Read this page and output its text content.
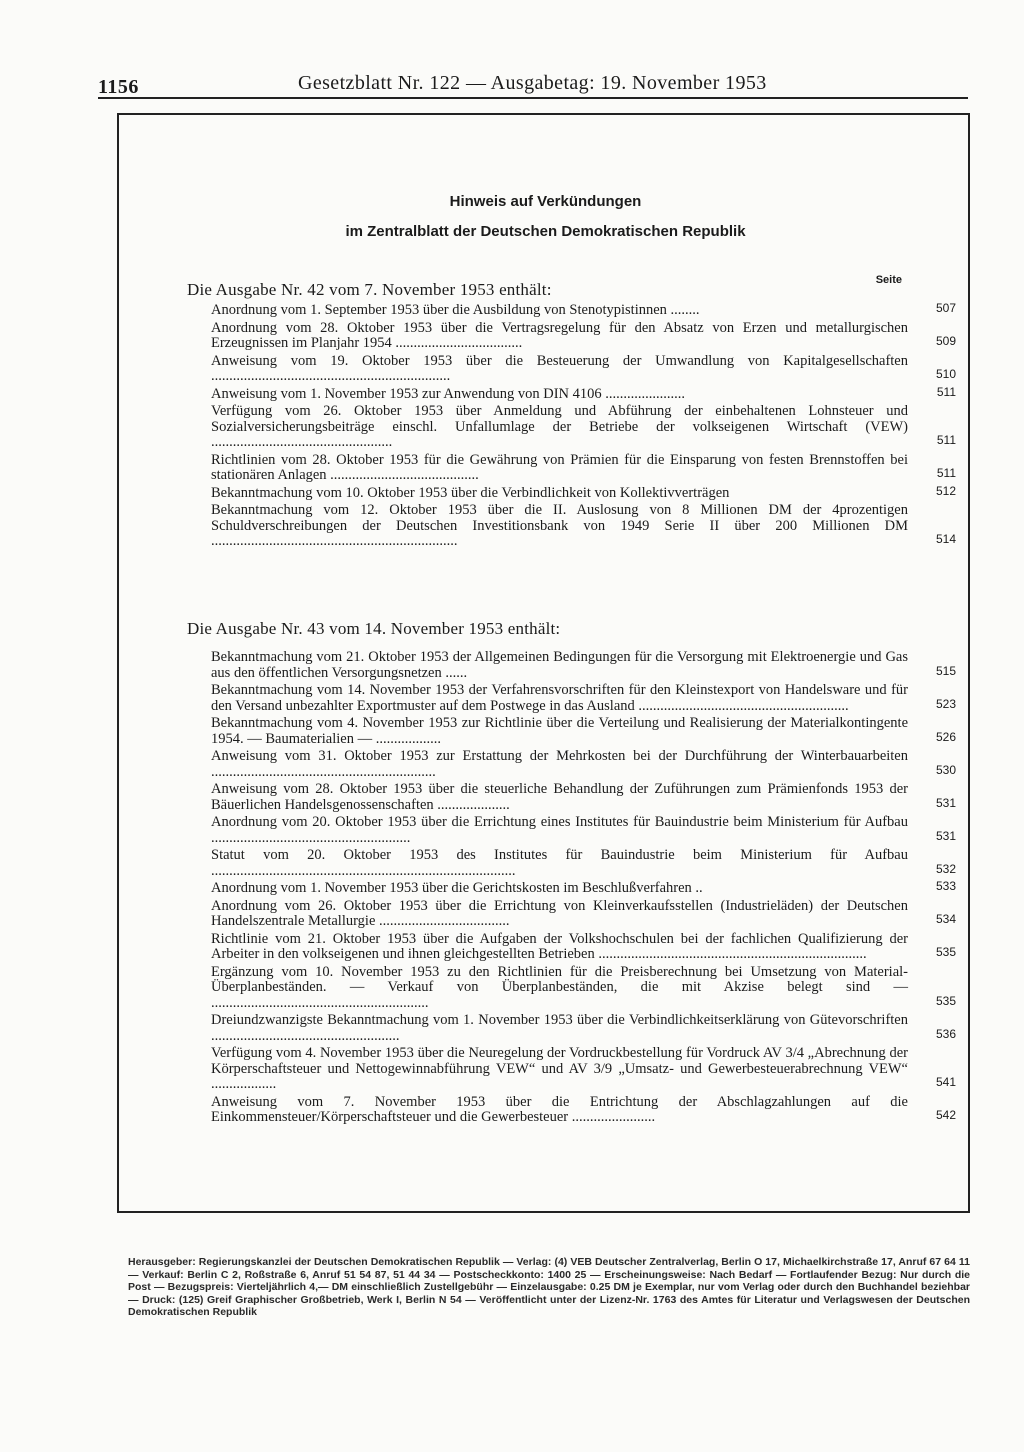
1156	Gesetzblatt Nr. 122 — Ausgabetag: 19. November 1953
Hinweis auf Verkündungen
im Zentralblatt der Deutschen Demokratischen Republik
Seite
Die Ausgabe Nr. 42 vom 7. November 1953 enthält:
Anordnung vom 1. September 1953 über die Ausbildung von Stenotypistinnen ........	507
Anordnung vom 28. Oktober 1953 über die Vertragsregelung für den Absatz von Erzen und metallurgischen Erzeugnissen im Planjahr 1954 ...................................	509
Anweisung vom 19. Oktober 1953 über die Besteuerung der Umwandlung von Kapitalgesellschaften ..................................................................	510
Anweisung vom 1. November 1953 zur Anwendung von DIN 4106 ......................	511
Verfügung vom 26. Oktober 1953 über Anmeldung und Abführung der einbehaltenen Lohnsteuer und Sozialversicherungsbeiträge einschl. Unfallumlage der Betriebe der volkseigenen Wirtschaft (VEW) ..................................................	511
Richtlinien vom 28. Oktober 1953 für die Gewährung von Prämien für die Einsparung von festen Brennstoffen bei stationären Anlagen .........................................	511
Bekanntmachung vom 10. Oktober 1953 über die Verbindlichkeit von Kollektivverträgen	512
Bekanntmachung vom 12. Oktober 1953 über die II. Auslosung von 8 Millionen DM der 4prozentigen Schuldverschreibungen der Deutschen Investitionsbank von 1949 Serie II über 200 Millionen DM ....................................................................	514
Die Ausgabe Nr. 43 vom 14. November 1953 enthält:
Bekanntmachung vom 21. Oktober 1953 der Allgemeinen Bedingungen für die Versorgung mit Elektroenergie und Gas aus den öffentlichen Versorgungsnetzen ......	515
Bekanntmachung vom 14. November 1953 der Verfahrensvorschriften für den Kleinstexport von Handelsware und für den Versand unbezahlter Exportmuster auf dem Postwege in das Ausland ..........................................................	523
Bekanntmachung vom 4. November 1953 zur Richtlinie über die Verteilung und Realisierung der Materialkontingente 1954. — Baumaterialien — ..................	526
Anweisung vom 31. Oktober 1953 zur Erstattung der Mehrkosten bei der Durchführung der Winterbauarbeiten ..............................................................	530
Anweisung vom 28. Oktober 1953 über die steuerliche Behandlung der Zuführungen zum Prämienfonds 1953 der Bäuerlichen Handelsgenossenschaften ....................	531
Anordnung vom 20. Oktober 1953 über die Errichtung eines Institutes für Bauindustrie beim Ministerium für Aufbau .......................................................	531
Statut vom 20. Oktober 1953 des Institutes für Bauindustrie beim Ministerium für Aufbau ....................................................................................	532
Anordnung vom 1. November 1953 über die Gerichtskosten im Beschlußverfahren ..	533
Anordnung vom 26. Oktober 1953 über die Errichtung von Kleinverkaufsstellen (Industrieläden) der Deutschen Handelszentrale Metallurgie ....................................	534
Richtlinie vom 21. Oktober 1953 über die Aufgaben der Volkshochschulen bei der fachlichen Qualifizierung der Arbeiter in den volkseigenen und ihnen gleichgestellten Betrieben ..........................................................................	535
Ergänzung vom 10. November 1953 zu den Richtlinien für die Preisberechnung bei Umsetzung von Material-Überplanbeständen. — Verkauf von Überplanbeständen, die mit Akzise belegt sind — ............................................................	535
Dreiundzwanzigste Bekanntmachung vom 1. November 1953 über die Verbindlichkeitserklärung von Gütevorschriften ....................................................	536
Verfügung vom 4. November 1953 über die Neuregelung der Vordruckbestellung für Vordruck AV 3/4 „Abrechnung der Körperschaftsteuer und Nettogewinnabführung VEW“ und AV 3/9 „Umsatz- und Gewerbesteuerabrechnung VEW“ ..................	541
Anweisung vom 7. November 1953 über die Entrichtung der Abschlagzahlungen auf die Einkommensteuer/Körperschaftsteuer und die Gewerbesteuer .......................	542
Herausgeber: Regierungskanzlei der Deutschen Demokratischen Republik — Verlag: (4) VEB Deutscher Zentralverlag, Berlin O 17, Michaelkirchstraße 17, Anruf 67 64 11 — Verkauf: Berlin C 2, Roßstraße 6, Anruf 51 54 87, 51 44 34 — Postscheckkonto: 1400 25 — Erscheinungsweise: Nach Bedarf — Fortlaufender Bezug: Nur durch die Post — Bezugspreis: Vierteljährlich 4,— DM einschließlich Zustellgebühr — Einzelausgabe: 0.25 DM je Exemplar, nur vom Verlag oder durch den Buchhandel beziehbar — Druck: (125) Greif Graphischer Großbetrieb, Werk I, Berlin N 54 — Veröffentlicht unter der Lizenz-Nr. 1763 des Amtes für Literatur und Verlagswesen der Deutschen Demokratischen Republik
